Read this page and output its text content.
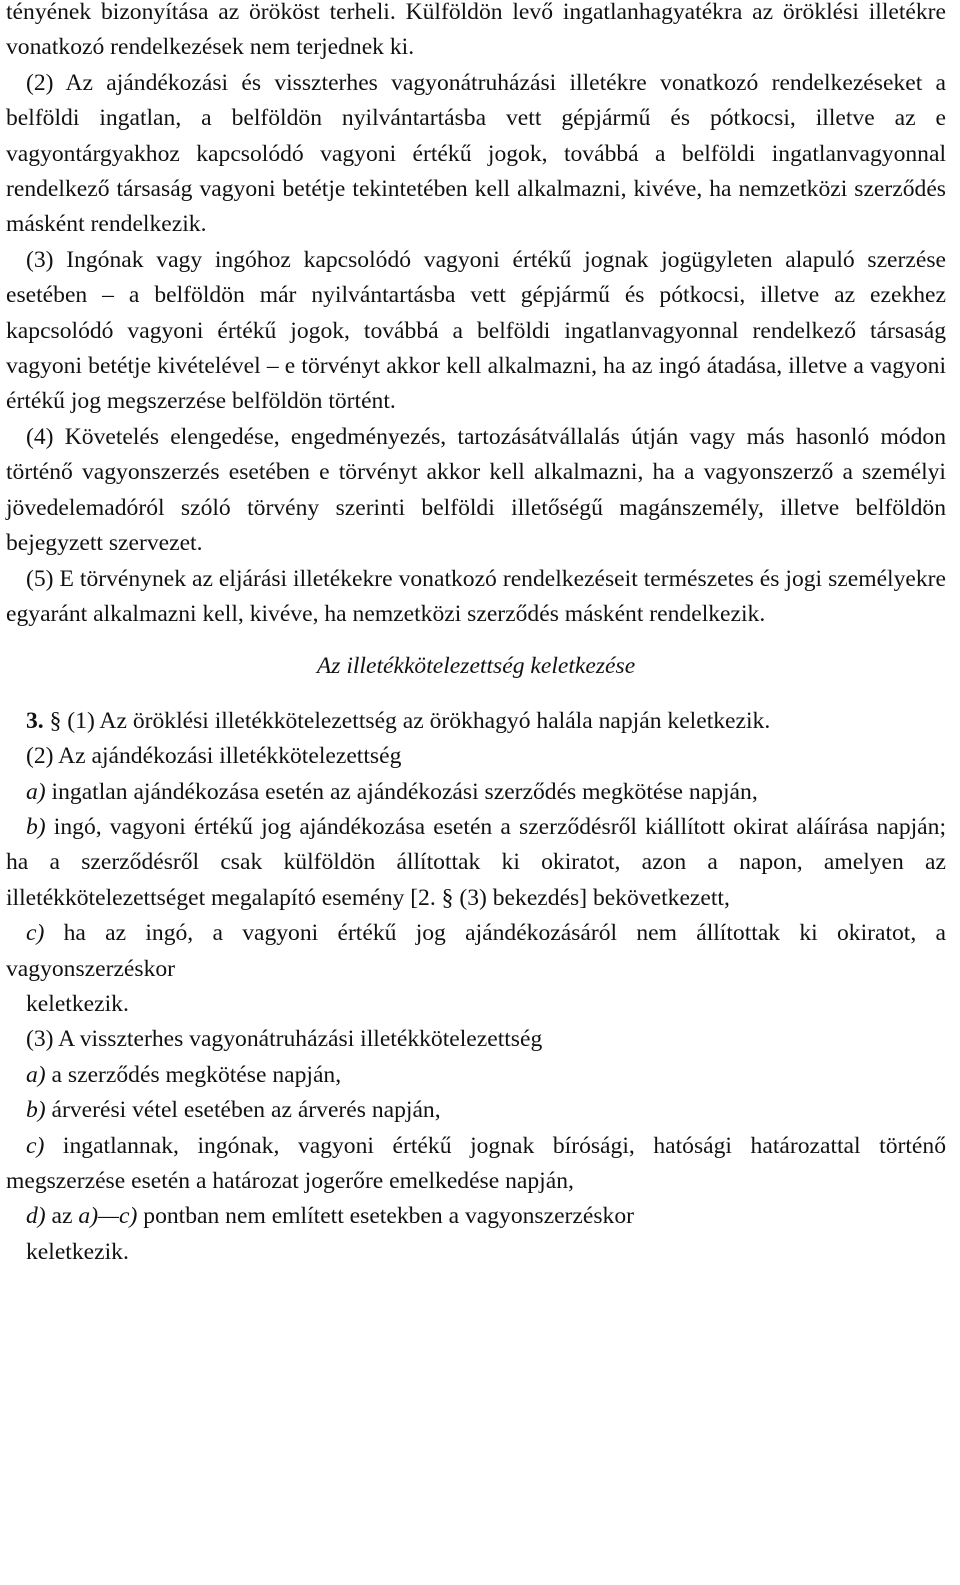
tényének bizonyítása az örököst terheli. Külföldön levő ingatlanhagyatékra az öröklési illetékre vonatkozó rendelkezések nem terjednek ki.

(2) Az ajándékozási és visszterhes vagyonátruházási illetékre vonatkozó rendelkezéseket a belföldi ingatlan, a belföldön nyilvántartásba vett gépjármű és pótkocsi, illetve az e vagyontárgyakhoz kapcsolódó vagyoni értékű jogok, továbbá a belföldi ingatlanvagyonnal rendelkező társaság vagyoni betétje tekintetében kell alkalmazni, kivéve, ha nemzetközi szerződés másként rendelkezik.

(3) Ingónak vagy ingóhoz kapcsolódó vagyoni értékű jognak jogügyleten alapuló szerzése esetében – a belföldön már nyilvántartásba vett gépjármű és pótkocsi, illetve az ezekhez kapcsolódó vagyoni értékű jogok, továbbá a belföldi ingatlanvagyonnal rendelkező társaság vagyoni betétje kivételével – e törvényt akkor kell alkalmazni, ha az ingó átadása, illetve a vagyoni értékű jog megszerzése belföldön történt.

(4) Követelés elengedése, engedményezés, tartozásátvállalás útján vagy más hasonló módon történő vagyonszerzés esetében e törvényt akkor kell alkalmazni, ha a vagyonszerző a személyi jövedelemadóról szóló törvény szerinti belföldi illetőségű magánszemély, illetve belföldön bejegyzett szervezet.

(5) E törvénynek az eljárási illetékekre vonatkozó rendelkezéseit természetes és jogi személyekre egyaránt alkalmazni kell, kivéve, ha nemzetközi szerződés másként rendelkezik.

Az illetékkötelezettség keletkezése

3. § (1) Az öröklési illetékkötelezettség az örökhagyó halála napján keletkezik.

(2) Az ajándékozási illetékkötelezettség

a) ingatlan ajándékozása esetén az ajándékozási szerződés megkötése napján,

b) ingó, vagyoni értékű jog ajándékozása esetén a szerződésről kiállított okirat aláírása napján; ha a szerződésről csak külföldön állítottak ki okiratot, azon a napon, amelyen az illetékkötelezettséget megalapító esemény [2. § (3) bekezdés] bekövetkezett,

c) ha az ingó, a vagyoni értékű jog ajándékozásáról nem állítottak ki okiratot, a vagyonszerzéskor

keletkezik.

(3) A visszterhes vagyonátruházási illetékkötelezettség

a) a szerződés megkötése napján,

b) árverési vétel esetében az árverés napján,

c) ingatlannak, ingónak, vagyoni értékű jognak bírósági, hatósági határozattal történő megszerzése esetén a határozat jogerőre emelkedése napján,

d) az a)—c) pontban nem említett esetekben a vagyonszerzéskor

keletkezik.
